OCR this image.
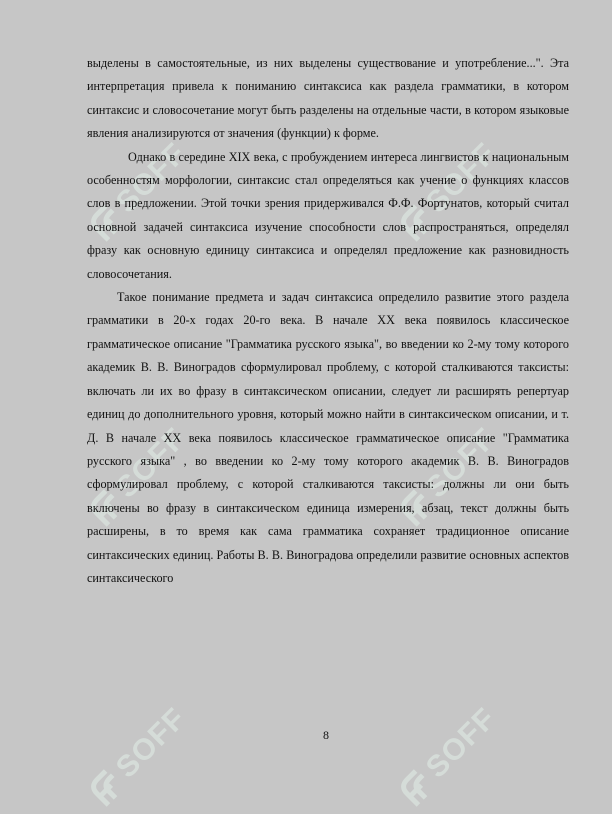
SOFF	SOFF
SOFF	SOFF
SOFF	SOFF

выделены в самостоятельные, из них выделены существование и употребление...". Эта интерпретация привела к пониманию синтаксиса как раздела грамматики, в котором синтаксис и словосочетание могут быть разделены на отдельные части, в котором языковые явления анализируются от значения (функции) к форме.

Однако в середине XIX века, с пробуждением интереса лингвистов к национальным особенностям морфологии, синтаксис стал определяться как учение о функциях классов слов в предложении. Этой точки зрения придерживался Ф.Ф. Фортунатов, который считал основной задачей синтаксиса изучение способности слов распространяться, определял фразу как основную единицу синтаксиса и определял предложение как разновидность словосочетания.

Такое понимание предмета и задач синтаксиса определило развитие этого раздела грамматики в 20-х годах 20-го века. В начале XX века появилось классическое грамматическое описание "Грамматика русского языка", во введении ко 2-му тому которого академик В. В. Виноградов сформулировал проблему, с которой сталкиваются таксисты: включать ли их во фразу в синтаксическом описании, следует ли расширять репертуар единиц до дополнительного уровня, который можно найти в синтаксическом описании, и т. Д. В начале XX века появилось классическое грамматическое описание "Грамматика русского языка" , во введении ко 2-му тому которого академик В. В. Виноградов сформулировал проблему, с которой сталкиваются таксисты: должны ли они быть включены во фразу в синтаксическом единица измерения, абзац, текст должны быть расширены, в то время как сама грамматика сохраняет традиционное описание синтаксических единиц. Работы В. В. Виноградова определили развитие основных аспектов синтаксического

8
